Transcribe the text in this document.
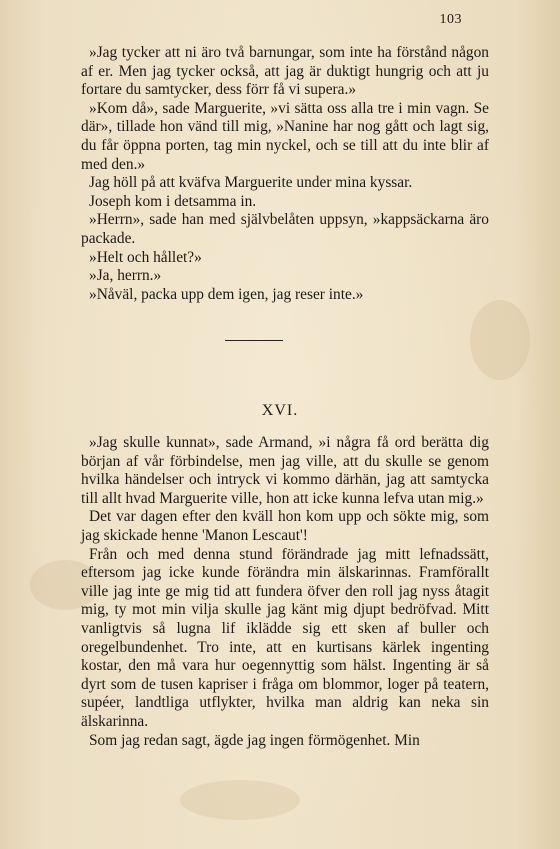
103

»Jag tycker att ni äro två barnungar, som inte ha förstånd någon af er. Men jag tycker också, att jag är duktigt hungrig och att ju fortare du samtycker, dess förr få vi supera.»

»Kom då», sade Marguerite, »vi sätta oss alla tre i min vagn. Se där», tillade hon vänd till mig, »Nanine har nog gått och lagt sig, du får öppna porten, tag min nyckel, och se till att du inte blir af med den.»

Jag höll på att kväfva Marguerite under mina kyssar.

Joseph kom i detsamma in.

»Herrn», sade han med självbelåten uppsyn, »kappsäckarna äro packade.

»Helt och hållet?»

»Ja, herrn.»

»Nåväl, packa upp dem igen, jag reser inte.»

XVI.

»Jag skulle kunnat», sade Armand, »i några få ord berätta dig början af vår förbindelse, men jag ville, att du skulle se genom hvilka händelser och intryck vi kommo därhän, jag att samtycka till allt hvad Marguerite ville, hon att icke kunna lefva utan mig.»

Det var dagen efter den kväll hon kom upp och sökte mig, som jag skickade henne 'Manon Lescaut'!

Från och med denna stund förändrade jag mitt lefnadssätt, eftersom jag icke kunde förändra min älskarinnas. Framförallt ville jag inte ge mig tid att fundera öfver den roll jag nyss åtagit mig, ty mot min vilja skulle jag känt mig djupt bedröfvad. Mitt vanligtvis så lugna lif iklädde sig ett sken af buller och oregelbundenhet. Tro inte, att en kurtisans kärlek ingenting kostar, den må vara hur oegennyttig som hälst. Ingenting är så dyrt som de tusen kapriser i fråga om blommor, loger på teatern, supéer, landtliga utflykter, hvilka man aldrig kan neka sin älskarinna.

Som jag redan sagt, ägde jag ingen förmögenhet. Min
